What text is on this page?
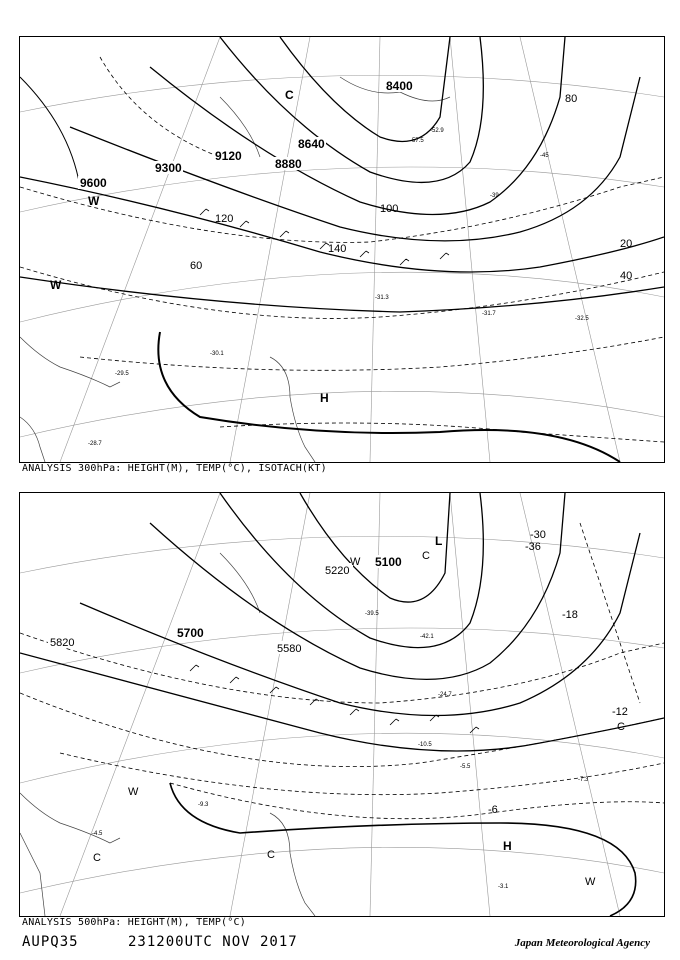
9600
9300
9120
8880
8640
8400
120
140
100
60
40
20
80
W
H
W
C
-30.1
-31.3
-31.7
-32.5
-29.5
-28.7
-39
-45
-52.9
-57.5
ANALYSIS 300hPa: HEIGHT(M), TEMP(°C), ISOTACH(KT)
5820
5700
5580
5220
5100
-36
-30
-18
-12
-6
L
C
W
W
C	C
H
W
C
-4.5
-3.1
-7.3
-5.5
-9.3
-10.5
-24.7
-42.1
-39.5
ANALYSIS 500hPa: HEIGHT(M), TEMP(°C)
AUPQ35	231200UTC NOV 2017	Japan Meteorological Agency
